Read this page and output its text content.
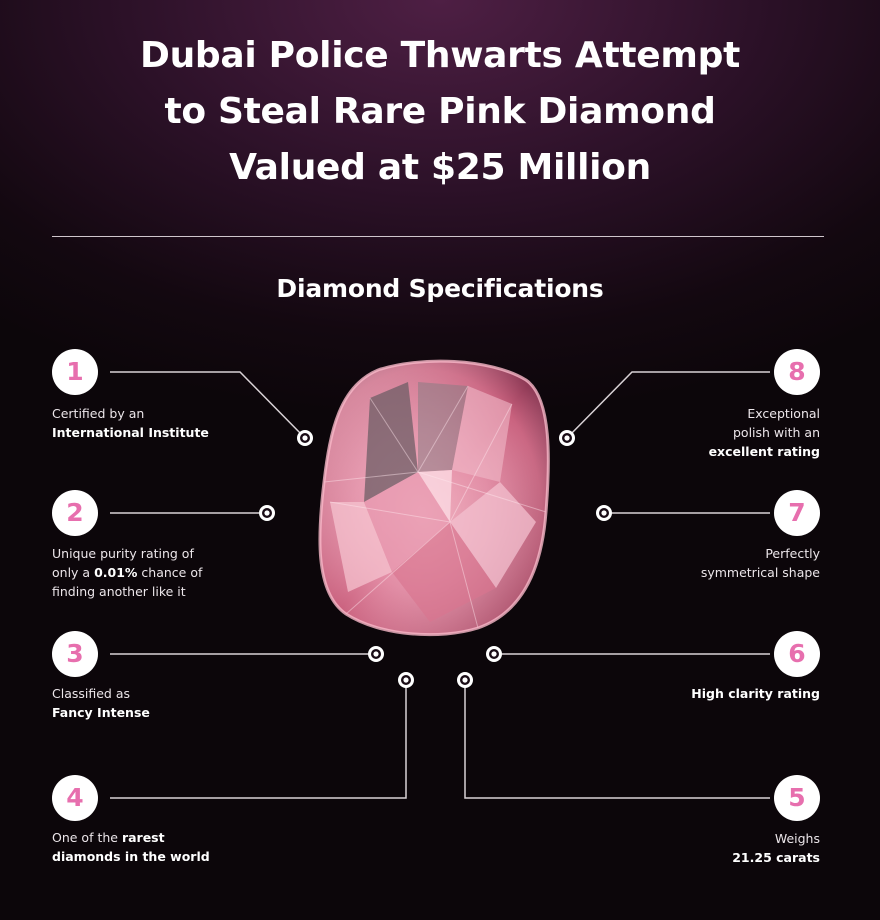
Dubai Police Thwarts Attempt
to Steal Rare Pink Diamond
Valued at $25 Million
Diamond Specifications
1
Certified by an
International Institute
2
Unique purity rating of
only a 0.01% chance of
finding another like it
3
Classified as
Fancy Intense
4
One of the rarest
diamonds in the world
5
Weighs
21.25 carats
6
High clarity rating
7
Perfectly
symmetrical shape
8
Exceptional
polish with an
excellent rating
